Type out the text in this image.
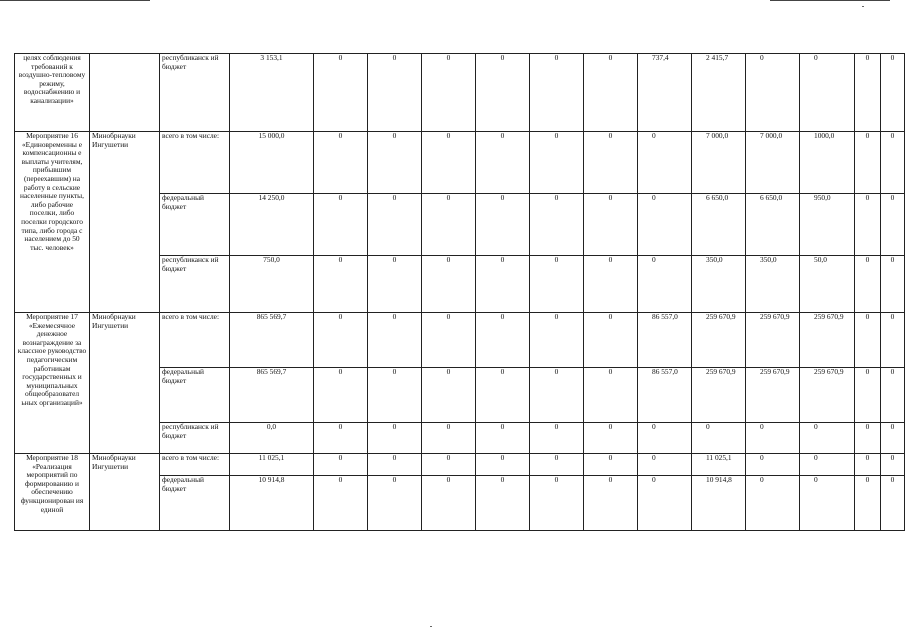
целях соблюдения требований к воздушно-тепловому режиму, водоснабжению и канализации»		республиканск ий бюджет	3 153,1	0	0	0	0	0	0	737,4	2 415,7	0	0	0	0
Мероприятие 16 «Единовременны е компенсационны е выплаты учителям, прибывшим (переехавшим) на работу в сельские населенные пункты, либо рабочие поселки, либо поселки городского типа, либо города с населением до 50 тыс. человек»	Минобрнауки Ингушетии	всего в том числе:	15 000,0	0	0	0	0	0	0	0	7 000,0	7 000,0	1000,0	0	0
		федеральный бюджет	14 250,0	0	0	0	0	0	0	0	6 650,0	6 650,0	950,0	0	0
		республиканск ий бюджет	750,0	0	0	0	0	0	0	0	350,0	350,0	50,0	0	0
Мероприятие 17 «Ежемесячное денежное вознаграждение за классное руководство педагогическим работникам государственных и муниципальных общеобразовател ьных организаций»	Минобрнауки Ингушетии	всего в том числе:	865 569,7	0	0	0	0	0	0	86 557,0	259 670,9	259 670,9	259 670,9	0	0
		федеральный бюджет	865 569,7	0	0	0	0	0	0	86 557,0	259 670,9	259 670,9	259 670,9	0	0
		республиканск ий бюджет	0,0	0	0	0	0	0	0	0	0	0	0	0	0
Мероприятие 18 «Реализация мероприятий по формированию и обеспечению функционирован ия единой	Минобрнауки Ингушетии	всего в том числе:	11 025,1	0	0	0	0	0	0	0	11 025,1	0	0	0	0
		федеральный бюджет	10 914,8	0	0	0	0	0	0	0	10 914,8	0	0	0	0
